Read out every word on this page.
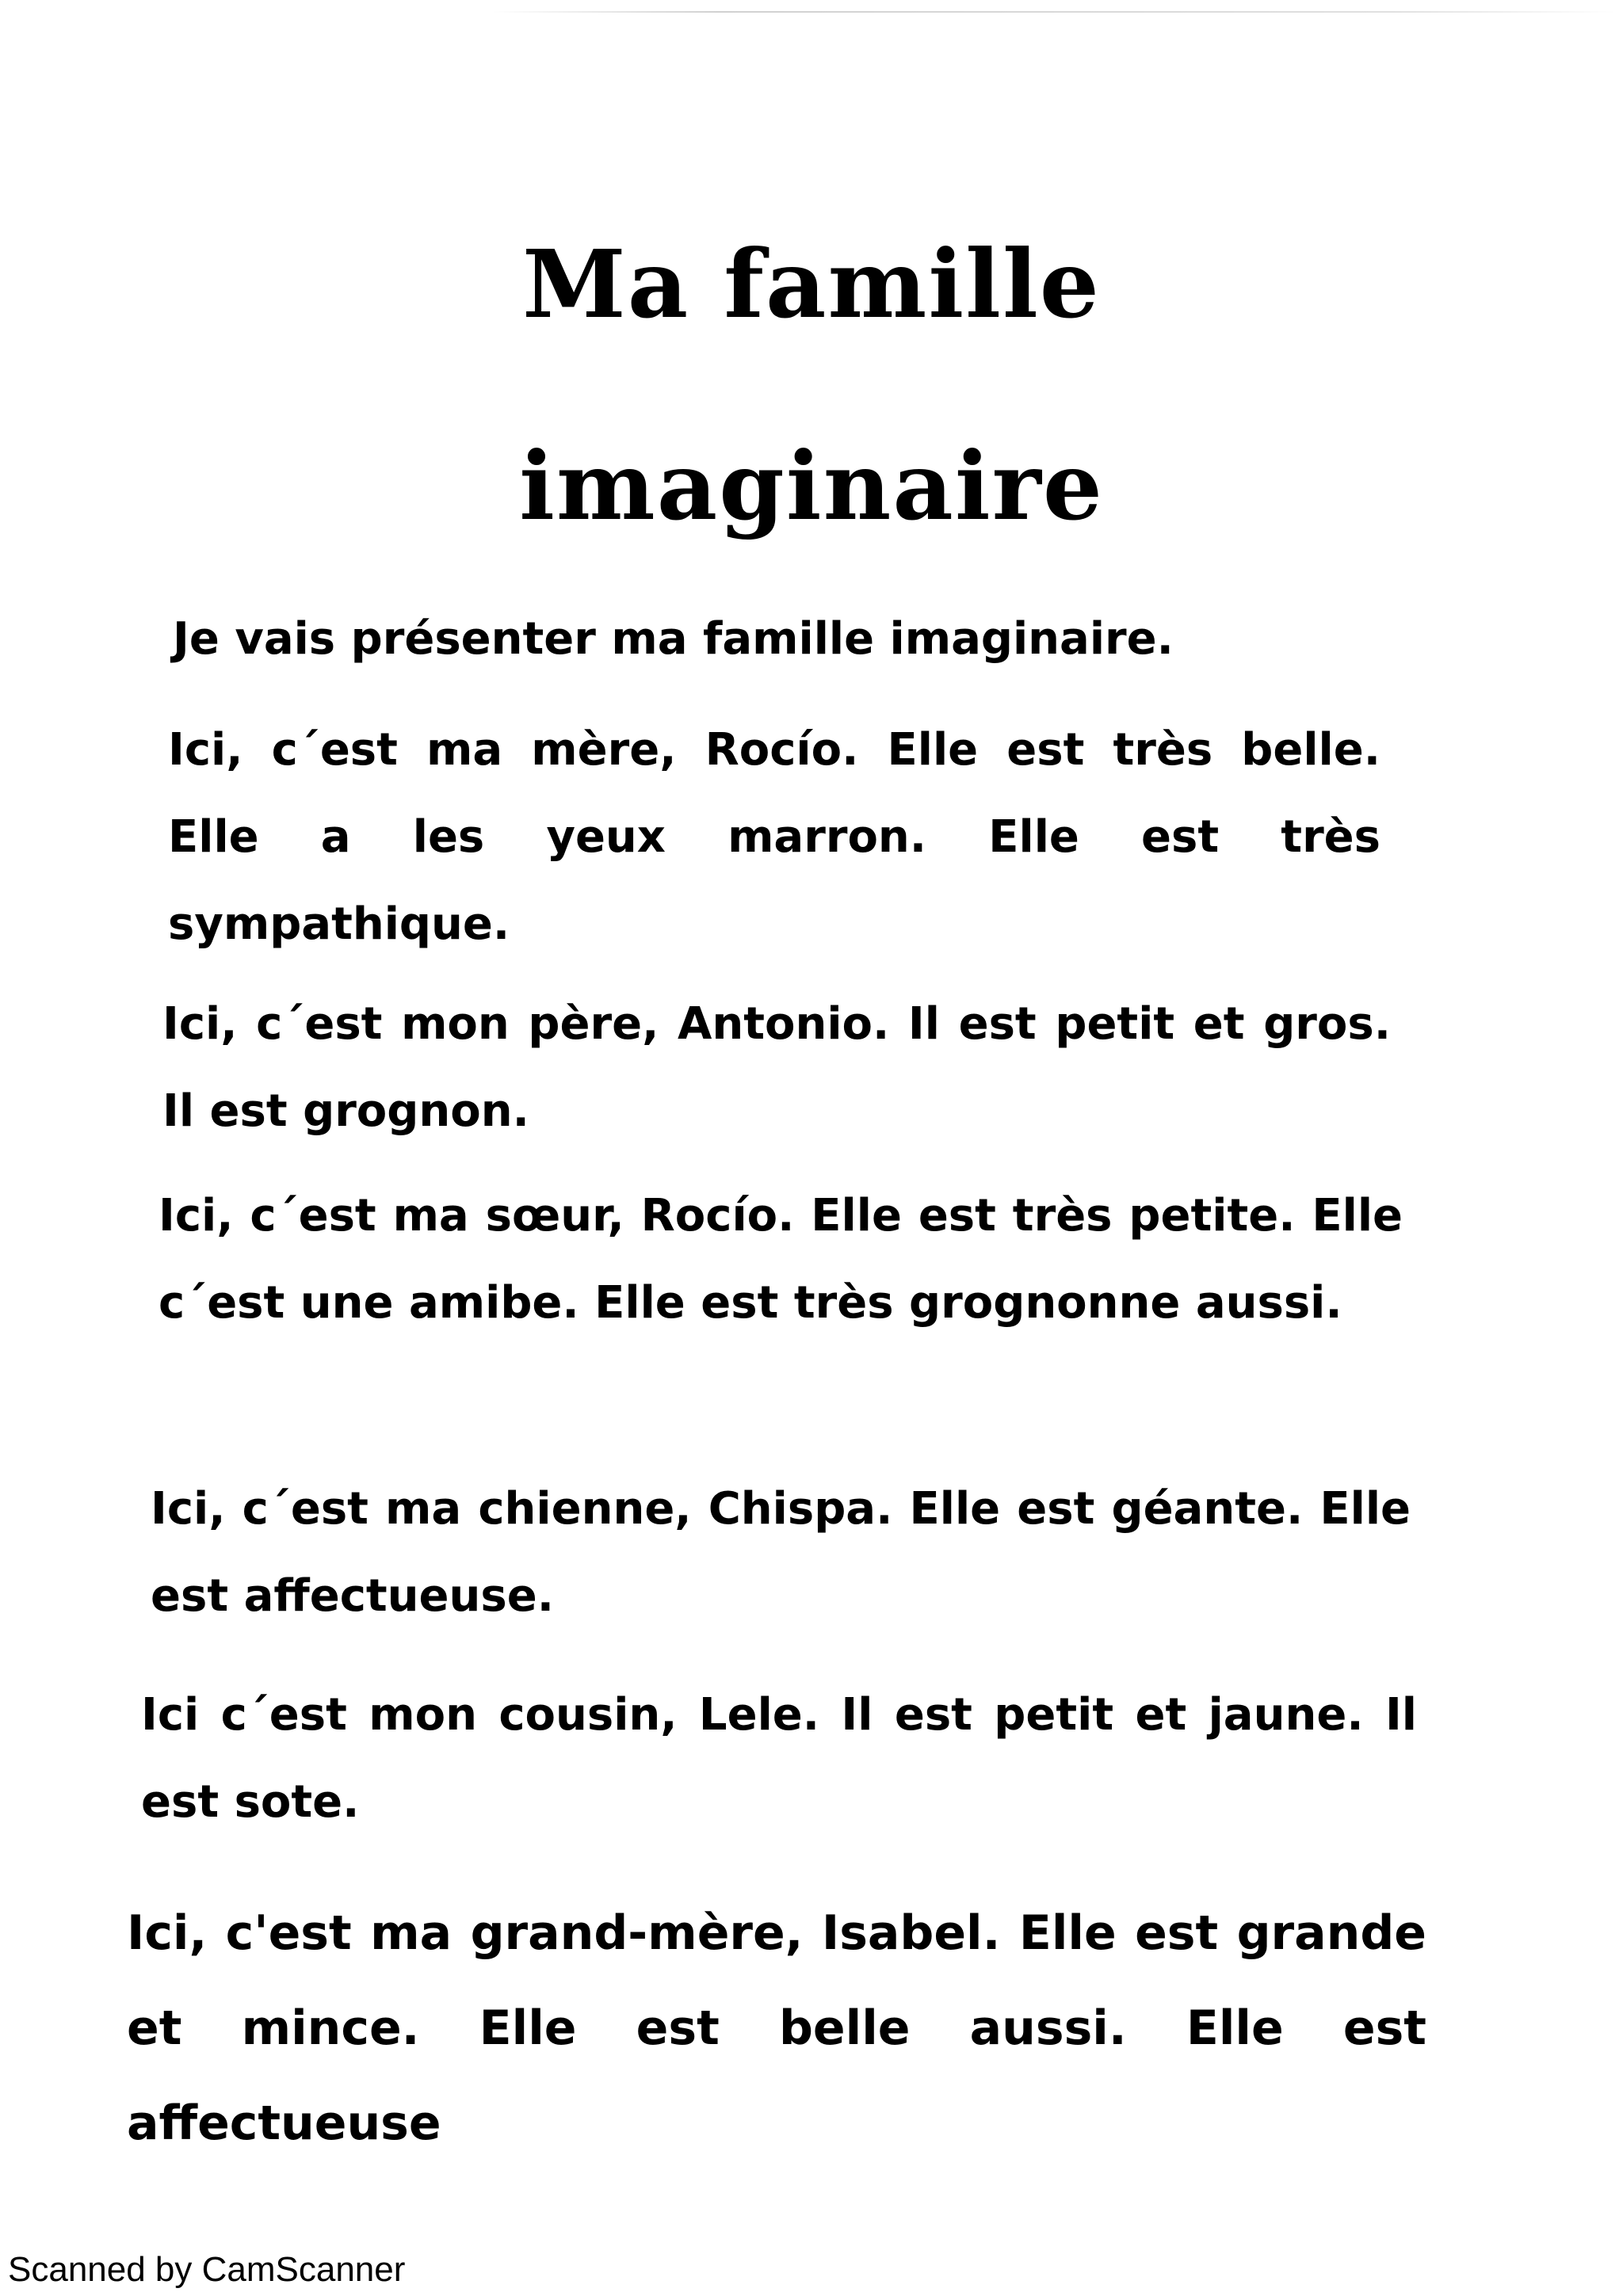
Ma famille
imaginaire

Je vais présenter ma famille imaginaire.

Ici, c´est ma mère, Rocío. Elle est très belle. Elle a les yeux marron. Elle est très sympathique.

Ici, c´est mon père, Antonio. Il est petit et gros. Il est grognon.

Ici, c´est ma sœur, Rocío. Elle est très petite. Elle c´est une amibe. Elle est très grognonne aussi.

Ici, c´est ma chienne, Chispa. Elle est géante. Elle est affectueuse.

Ici c´est mon cousin, Lele. Il est petit et jaune. Il est sote.

Ici, c'est ma grand-mère, Isabel. Elle est grande et mince. Elle est belle aussi. Elle est affectueuse

Scanned by CamScanner
